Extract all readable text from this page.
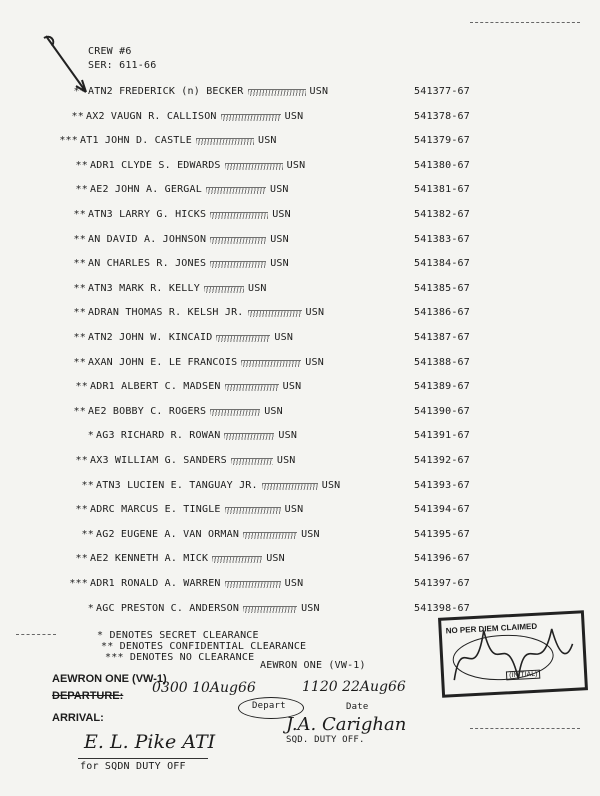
CREW #6
SER: 611-66
** ATN2 FREDERICK (n) BECKER	USN	541377-67
** AX2 VAUGN R. CALLISON	USN	541378-67
*** AT1 JOHN D. CASTLE	USN	541379-67
** ADR1 CLYDE S. EDWARDS	USN	541380-67
** AE2 JOHN A. GERGAL	USN	541381-67
** ATN3 LARRY G. HICKS	USN	541382-67
** AN DAVID A. JOHNSON	USN	541383-67
** AN CHARLES R. JONES	USN	541384-67
** ATN3 MARK R. KELLY	USN	541385-67
** ADRAN THOMAS R. KELSH JR.	USN	541386-67
** ATN2 JOHN W. KINCAID	USN	541387-67
** AXAN JOHN E. LE FRANCOIS	USN	541388-67
** ADR1 ALBERT C. MADSEN	USN	541389-67
** AE2 BOBBY C. ROGERS	USN	541390-67
* AG3 RICHARD R. ROWAN	USN	541391-67
** AX3 WILLIAM G. SANDERS	USN	541392-67
** ATN3 LUCIEN E. TANGUAY JR.	USN	541393-67
** ADRC MARCUS E. TINGLE	USN	541394-67
** AG2 EUGENE A. VAN ORMAN	USN	541395-67
** AE2 KENNETH A. MICK	USN	541396-67
*** ADR1 RONALD A. WARREN	USN	541397-67
* AGC PRESTON C. ANDERSON	USN	541398-67
* DENOTES SECRET CLEARANCE
** DENOTES CONFIDENTIAL CLEARANCE
*** DENOTES NO CLEARANCE
AEWRON ONE (VW-1)
DEPARTURE: 0300 10Aug66
AEWRON ONE (VW-1)
1120 22Aug66
Date
Depart
J.A. Carighan
SQD. DUTY OFF.
ARRIVAL:
E. L. Pike ATI
for SQDN DUTY OFF
NO PER DIEM CLAIMED
(INITIAL)
